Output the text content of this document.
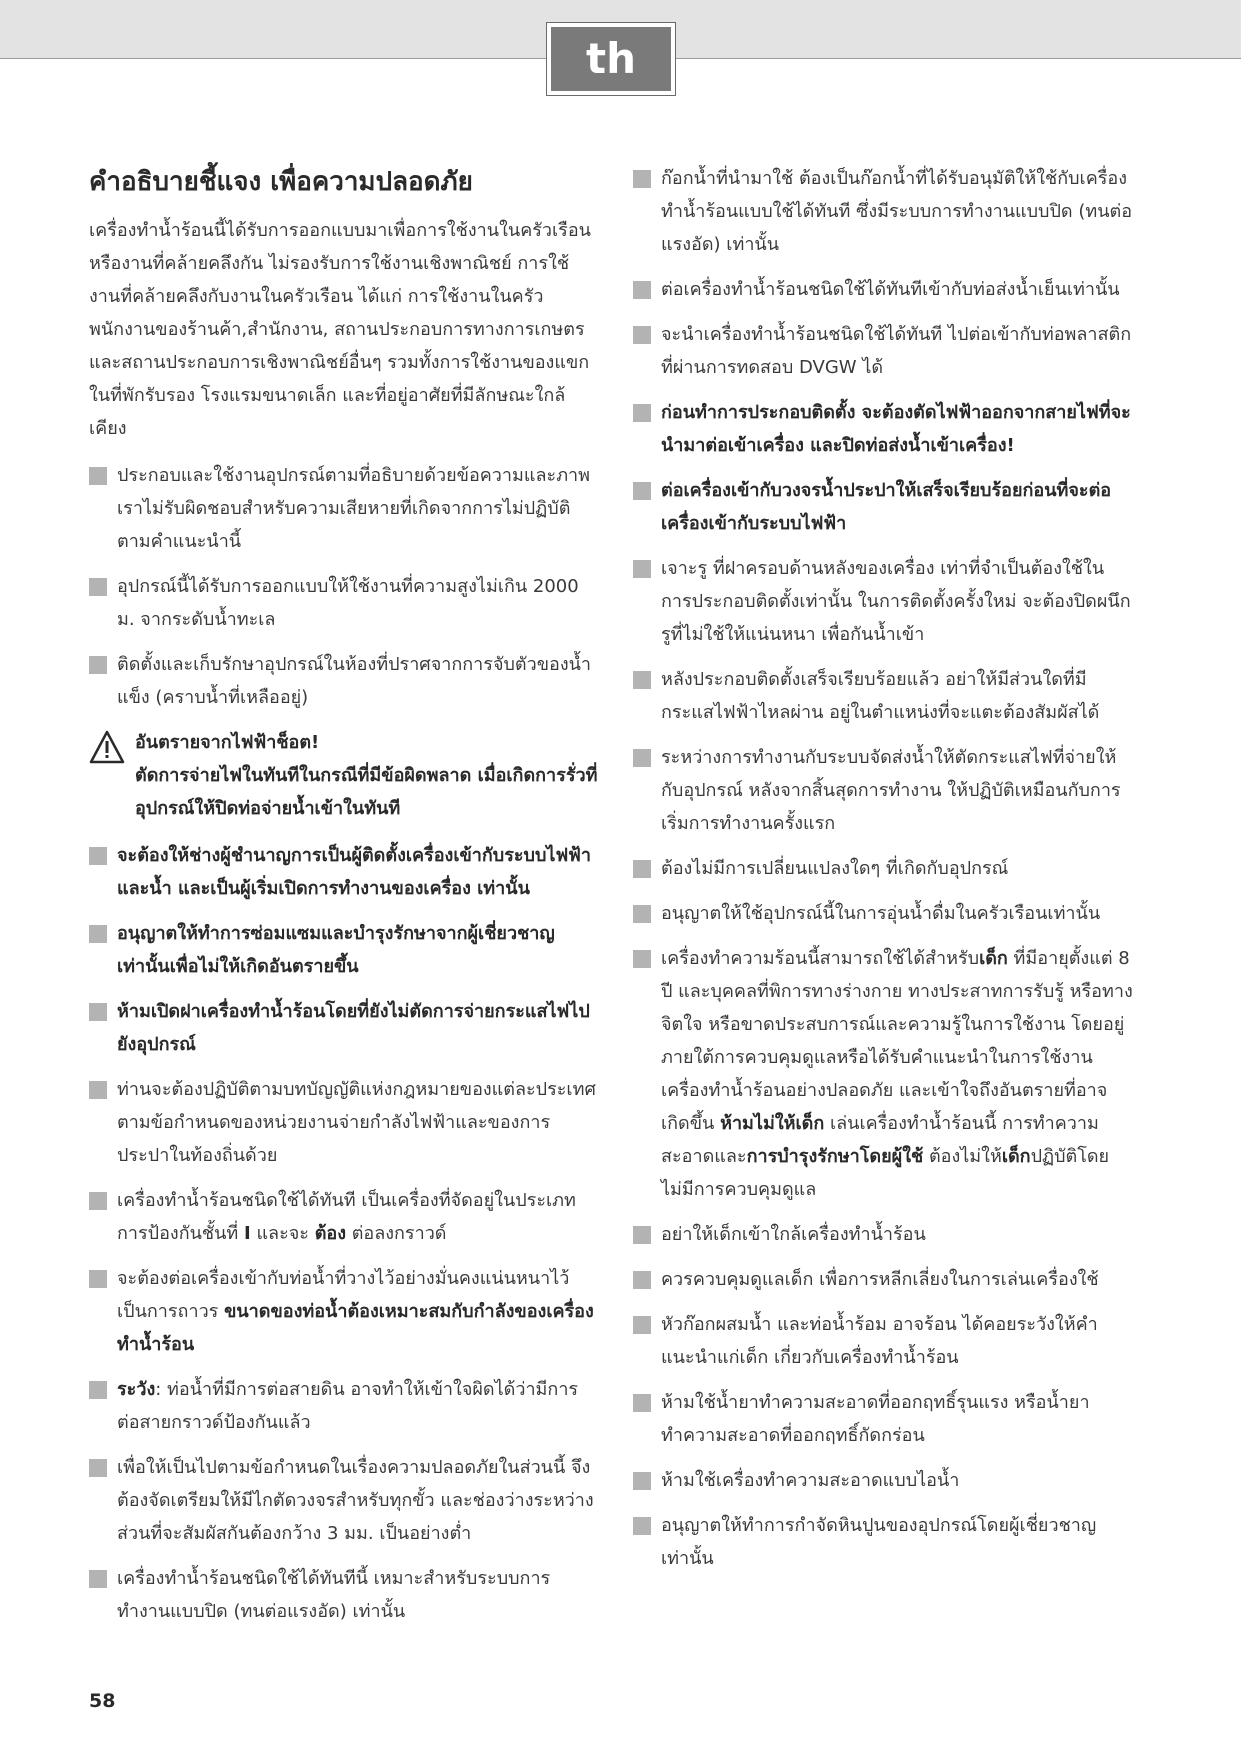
th
คำอธิบายชี้แจง เพื่อความปลอดภัย

เครื่องทำน้ำร้อนนี้ได้รับการออกแบบมาเพื่อการใช้งานในครัวเรือนหรืองานที่คล้ายคลึงกัน ไม่รองรับการใช้งานเชิงพาณิชย์ การใช้งานที่คล้ายคลึงกับงานในครัวเรือน ได้แก่ การใช้งานในครัวพนักงานของร้านค้า,สำนักงาน, สถานประกอบการทางการเกษตร และสถานประกอบการเชิงพาณิชย์อื่นๆ รวมทั้งการใช้งานของแขกในที่พักรับรอง โรงแรมขนาดเล็ก และที่อยู่อาศัยที่มีลักษณะใกล้เคียง

ประกอบและใช้งานอุปกรณ์ตามที่อธิบายด้วยข้อความและภาพ เราไม่รับผิดชอบสำหรับความเสียหายที่เกิดจากการไม่ปฏิบัติตามคำแนะนำนี้
อุปกรณ์นี้ได้รับการออกแบบให้ใช้งานที่ความสูงไม่เกิน 2000 ม. จากระดับน้ำทะเล
ติดตั้งและเก็บรักษาอุปกรณ์ในห้องที่ปราศจากการจับตัวของน้ำแข็ง (คราบน้ำที่เหลืออยู่)
อันตรายจากไฟฟ้าช็อต!
ตัดการจ่ายไฟในทันทีในกรณีที่มีข้อผิดพลาด เมื่อเกิดการรั่วที่อุปกรณ์ให้ปิดท่อจ่ายน้ำเข้าในทันที
จะต้องให้ช่างผู้ชำนาญการเป็นผู้ติดตั้งเครื่องเข้ากับระบบไฟฟ้าและน้ำ และเป็นผู้เริ่มเปิดการทำงานของเครื่อง เท่านั้น
อนุญาตให้ทำการซ่อมแซมและบำรุงรักษาจากผู้เชี่ยวชาญเท่านั้นเพื่อไม่ให้เกิดอันตรายขึ้น
ห้ามเปิดฝาเครื่องทำน้ำร้อนโดยที่ยังไม่ตัดการจ่ายกระแสไฟไปยังอุปกรณ์
ท่านจะต้องปฏิบัติตามบทบัญญัติแห่งกฎหมายของแต่ละประเทศตามข้อกำหนดของหน่วยงานจ่ายกำลังไฟฟ้าและของการประปาในท้องถิ่นด้วย
เครื่องทำน้ำร้อนชนิดใช้ได้ทันที เป็นเครื่องที่จัดอยู่ในประเภทการป้องกันชั้นที่ I และจะ ต้อง ต่อลงกราวด์
จะต้องต่อเครื่องเข้ากับท่อน้ำที่วางไว้อย่างมั่นคงแน่นหนาไว้เป็นการถาวร ขนาดของท่อน้ำต้องเหมาะสมกับกำลังของเครื่องทำน้ำร้อน
ระวัง: ท่อน้ำที่มีการต่อสายดิน อาจทำให้เข้าใจผิดได้ว่ามีการต่อสายกราวด์ป้องกันแล้ว
เพื่อให้เป็นไปตามข้อกำหนดในเรื่องความปลอดภัยในส่วนนี้ จึงต้องจัดเตรียมให้มีไกตัดวงจรสำหรับทุกขั้ว และช่องว่างระหว่างส่วนที่จะสัมผัสกันต้องกว้าง 3 มม. เป็นอย่างต่ำ
เครื่องทำน้ำร้อนชนิดใช้ได้ทันทีนี้ เหมาะสำหรับระบบการทำงานแบบปิด (ทนต่อแรงอัด) เท่านั้น
ก๊อกน้ำที่นำมาใช้ ต้องเป็นก๊อกน้ำที่ได้รับอนุมัติให้ใช้กับเครื่องทำน้ำร้อนแบบใช้ได้ทันที ซึ่งมีระบบการทำงานแบบปิด (ทนต่อแรงอัด) เท่านั้น
ต่อเครื่องทำน้ำร้อนชนิดใช้ได้ทันทีเข้ากับท่อส่งน้ำเย็นเท่านั้น
จะนำเครื่องทำน้ำร้อนชนิดใช้ได้ทันที ไปต่อเข้ากับท่อพลาสติกที่ผ่านการทดสอบ DVGW ได้
ก่อนทำการประกอบติดตั้ง จะต้องตัดไฟฟ้าออกจากสายไฟที่จะนำมาต่อเข้าเครื่อง และปิดท่อส่งน้ำเข้าเครื่อง!
ต่อเครื่องเข้ากับวงจรน้ำประปาให้เสร็จเรียบร้อยก่อนที่จะต่อเครื่องเข้ากับระบบไฟฟ้า
เจาะรู ที่ฝาครอบด้านหลังของเครื่อง เท่าที่จำเป็นต้องใช้ในการประกอบติดตั้งเท่านั้น ในการติดตั้งครั้งใหม่ จะต้องปิดผนึกรูที่ไม่ใช้ให้แน่นหนา เพื่อกันน้ำเข้า
หลังประกอบติดตั้งเสร็จเรียบร้อยแล้ว อย่าให้มีส่วนใดที่มีกระแสไฟฟ้าไหลผ่าน อยู่ในตำแหน่งที่จะแตะต้องสัมผัสได้
ระหว่างการทำงานกับระบบจัดส่งน้ำให้ตัดกระแสไฟที่จ่ายให้กับอุปกรณ์ หลังจากสิ้นสุดการทำงาน ให้ปฏิบัติเหมือนกับการเริ่มการทำงานครั้งแรก
ต้องไม่มีการเปลี่ยนแปลงใดๆ ที่เกิดกับอุปกรณ์
อนุญาตให้ใช้อุปกรณ์นี้ในการอุ่นน้ำดื่มในครัวเรือนเท่านั้น
เครื่องทำความร้อนนี้สามารถใช้ได้สำหรับเด็ก ที่มีอายุตั้งแต่ 8 ปี และบุคคลที่พิการทางร่างกาย ทางประสาทการรับรู้ หรือทางจิตใจ หรือขาดประสบการณ์และความรู้ในการใช้งาน โดยอยู่ภายใต้การควบคุมดูแลหรือได้รับคำแนะนำในการใช้งานเครื่องทำน้ำร้อนอย่างปลอดภัย และเข้าใจถึงอันตรายที่อาจเกิดขึ้น ห้ามไม่ให้เด็ก เล่นเครื่องทำน้ำร้อนนี้ การทำความสะอาดและการบำรุงรักษาโดยผู้ใช้ ต้องไม่ให้เด็กปฏิบัติโดยไม่มีการควบคุมดูแล
อย่าให้เด็กเข้าใกล้เครื่องทำน้ำร้อน
ควรควบคุมดูแลเด็ก เพื่อการหลีกเลี่ยงในการเล่นเครื่องใช้
หัวก๊อกผสมน้ำ และท่อน้ำร้อม อาจร้อน ได้คอยระวังให้คำแนะนำแก่เด็ก เกี่ยวกับเครื่องทำน้ำร้อน
ห้ามใช้น้ำยาทำความสะอาดที่ออกฤทธิ์รุนแรง หรือน้ำยาทำความสะอาดที่ออกฤทธิ์กัดกร่อน
ห้ามใช้เครื่องทำความสะอาดแบบไอน้ำ
อนุญาตให้ทำการกำจัดหินปูนของอุปกรณ์โดยผู้เชี่ยวชาญเท่านั้น
58
